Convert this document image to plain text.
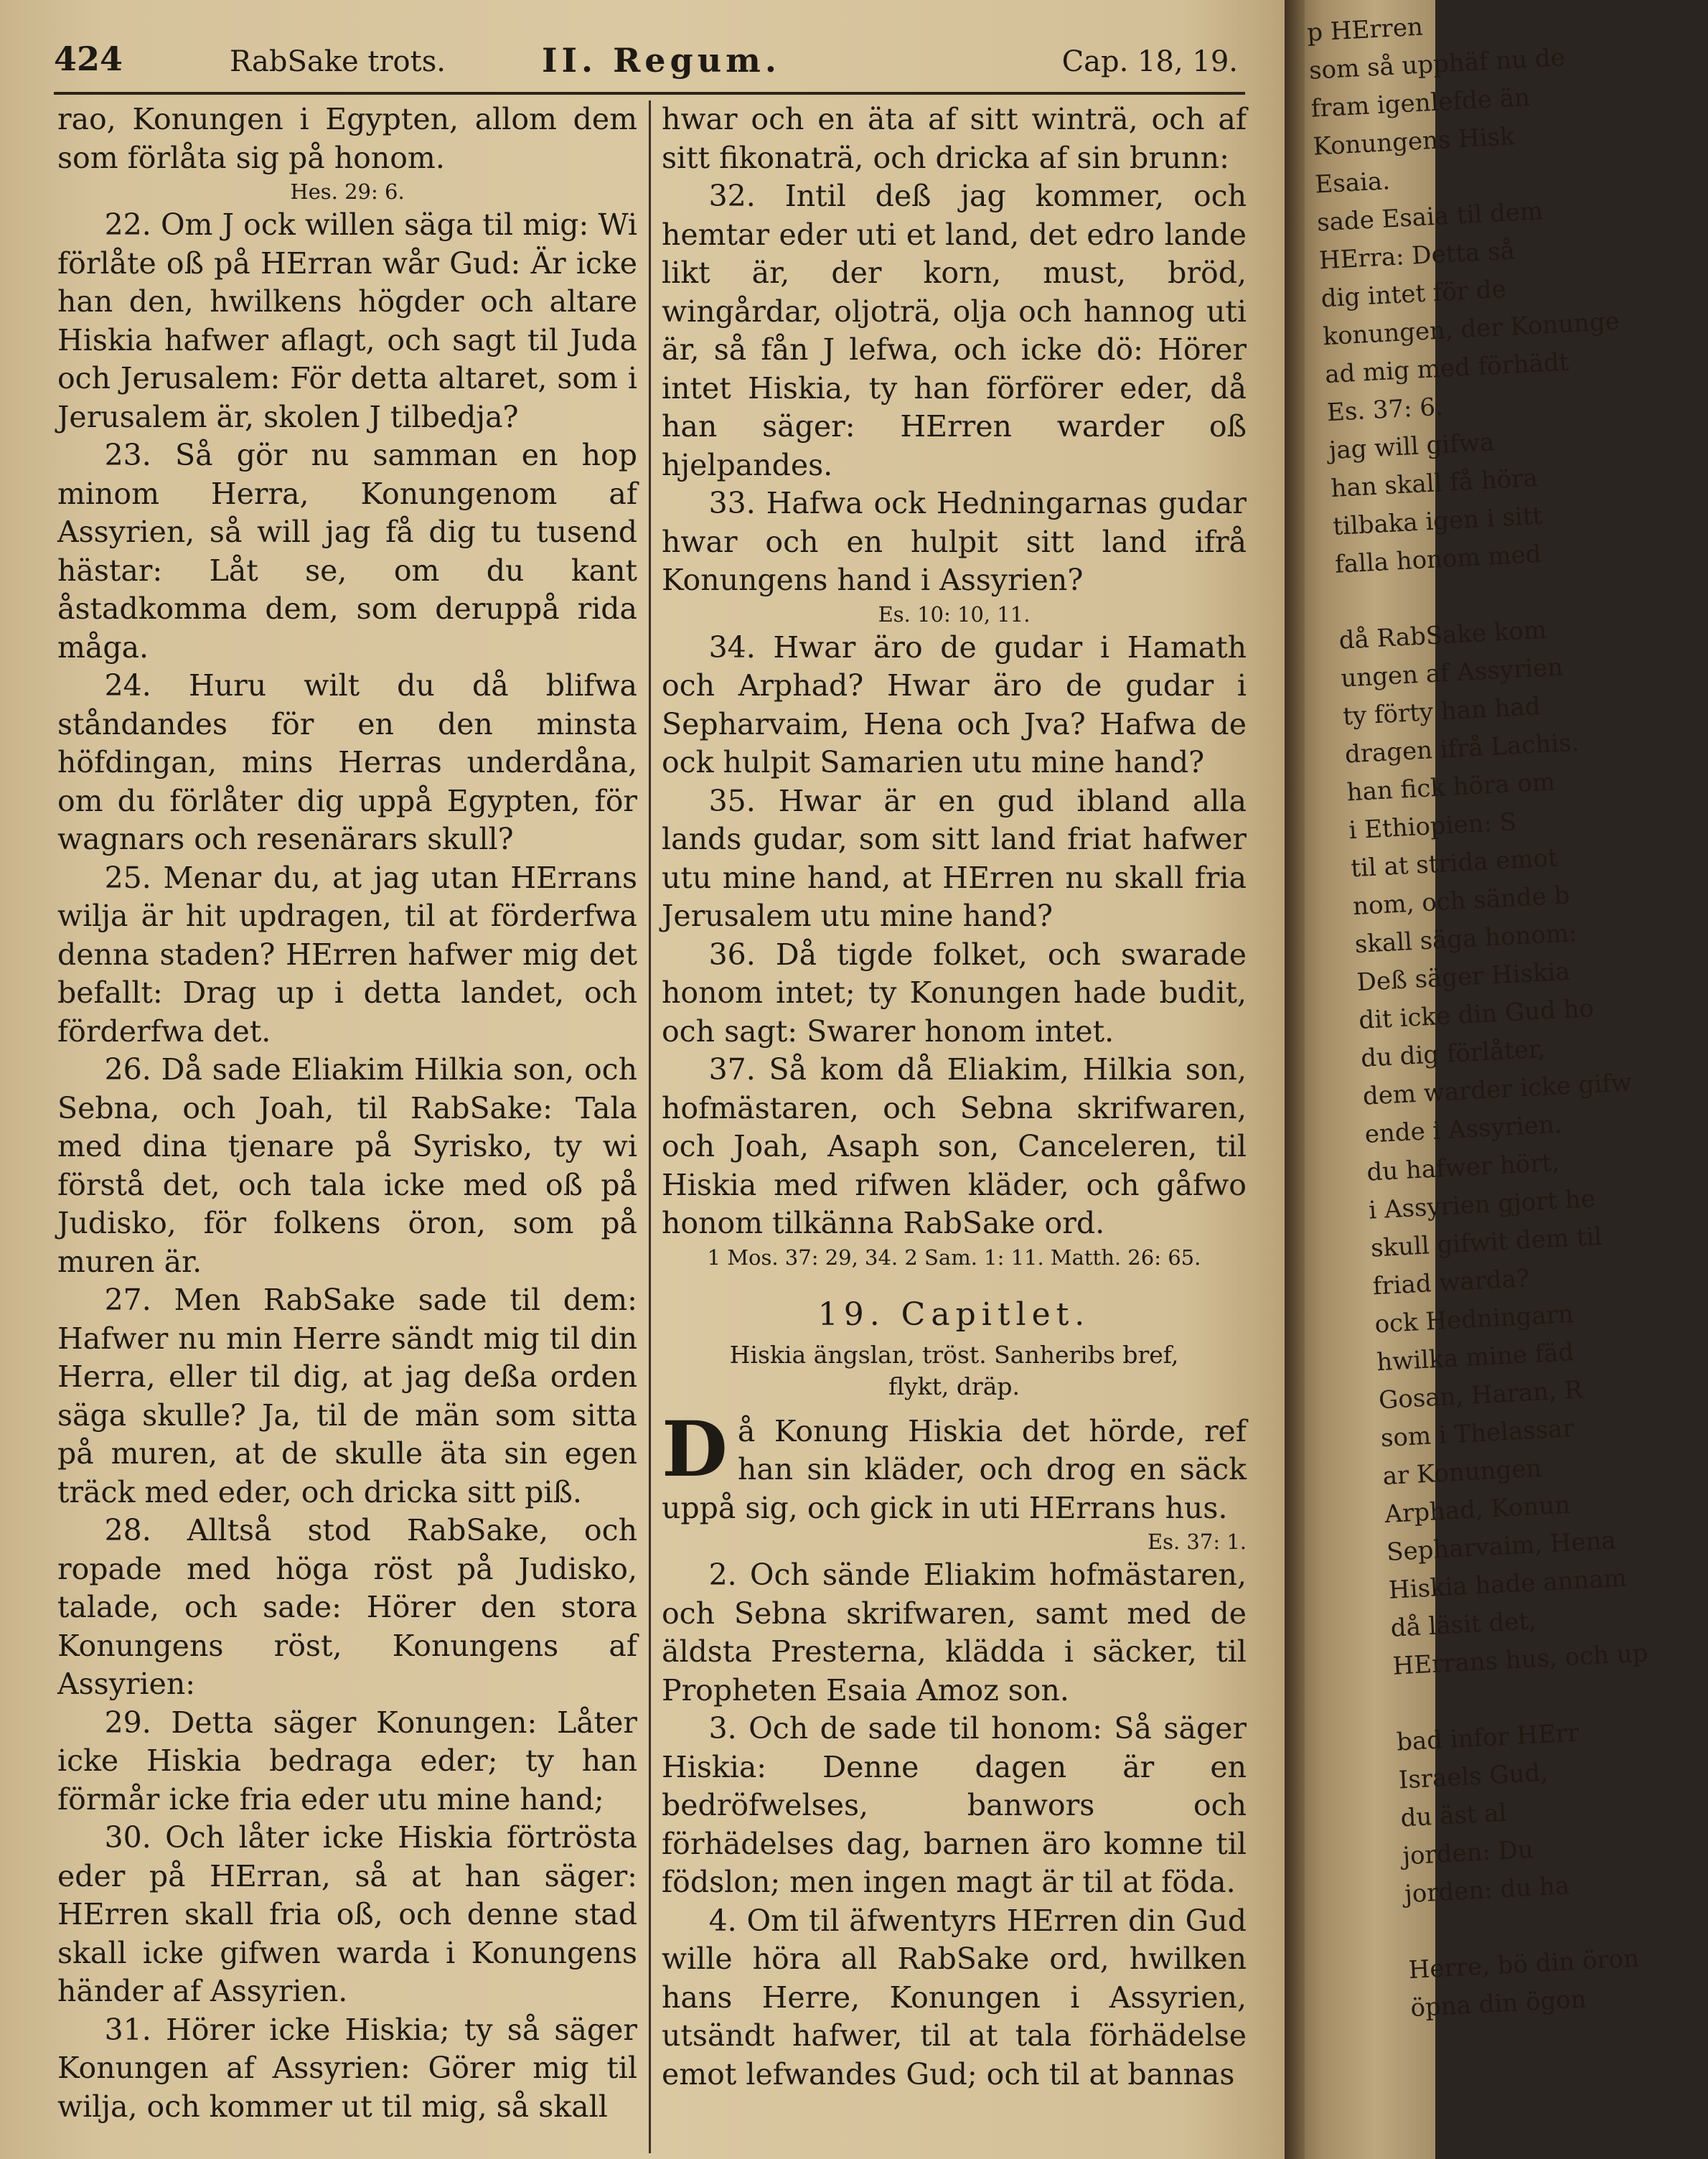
424	RabSake trots.	II. Regum.	Cap. 18, 19.

rao, Konungen i Egypten, allom dem som förlåta sig på honom.

Hes. 29: 6.

22. Om J ock willen säga til mig: Wi förlåte oß på HErran wår Gud: Är icke han den, hwilkens högder och altare Hiskia hafwer aflagt, och sagt til Juda och Jerusalem: För detta altaret, som i Jerusalem är, skolen J tilbedja?

23. Så gör nu samman en hop minom Herra, Konungenom af Assyrien, så will jag få dig tu tusend hästar: Låt se, om du kant åstadkomma dem, som deruppå rida måga.

24. Huru wilt du då blifwa ståndandes för en den minsta höfdingan, mins Herras underdåna, om du förlåter dig uppå Egypten, för wagnars och resenärars skull?

25. Menar du, at jag utan HErrans wilja är hit updragen, til at förderfwa denna staden? HErren hafwer mig det befallt: Drag up i detta landet, och förderfwa det.

26. Då sade Eliakim Hilkia son, och Sebna, och Joah, til RabSake: Tala med dina tjenare på Syrisko, ty wi förstå det, och tala icke med oß på Judisko, för folkens öron, som på muren är.

27. Men RabSake sade til dem: Hafwer nu min Herre sändt mig til din Herra, eller til dig, at jag deßa orden säga skulle? Ja, til de män som sitta på muren, at de skulle äta sin egen träck med eder, och dricka sitt piß.

28. Alltså stod RabSake, och ropade med höga röst på Judisko, talade, och sade: Hörer den stora Konungens röst, Konungens af Assyrien:

29. Detta säger Konungen: Låter icke Hiskia bedraga eder; ty han förmår icke fria eder utu mine hand;

30. Och låter icke Hiskia förtrösta eder på HErran, så at han säger: HErren skall fria oß, och denne stad skall icke gifwen warda i Konungens händer af Assyrien.

31. Hörer icke Hiskia; ty så säger Konungen af Assyrien: Görer mig til wilja, och kommer ut til mig, så skall

hwar och en äta af sitt winträ, och af sitt fikonaträ, och dricka af sin brunn:

32. Intil deß jag kommer, och hemtar eder uti et land, det edro lande likt är, der korn, must, bröd, wingårdar, oljoträ, olja och hannog uti är, så fån J lefwa, och icke dö: Hörer intet Hiskia, ty han förförer eder, då han säger: HErren warder oß hjelpandes.

33. Hafwa ock Hedningarnas gudar hwar och en hulpit sitt land ifrå Konungens hand i Assyrien?

Es. 10: 10, 11.

34. Hwar äro de gudar i Hamath och Arphad? Hwar äro de gudar i Sepharvaim, Hena och Jva? Hafwa de ock hulpit Samarien utu mine hand?

35. Hwar är en gud ibland alla lands gudar, som sitt land friat hafwer utu mine hand, at HErren nu skall fria Jerusalem utu mine hand?

36. Då tigde folket, och swarade honom intet; ty Konungen hade budit, och sagt: Swarer honom intet.

37. Så kom då Eliakim, Hilkia son, hofmästaren, och Sebna skrifwaren, och Joah, Asaph son, Canceleren, til Hiskia med rifwen kläder, och gåfwo honom tilkänna RabSake ord.

1 Mos. 37: 29, 34. 2 Sam. 1: 11. Matth. 26: 65.

19. Capitlet.

Hiskia ängslan, tröst. Sanheribs bref, flykt, dräp.

Då Konung Hiskia det hörde, ref han sin kläder, och drog en säck uppå sig, och gick in uti HErrans hus.

Es. 37: 1.

2. Och sände Eliakim hofmästaren, och Sebna skrifwaren, samt med de äldsta Presterna, klädda i säcker, til Propheten Esaia Amoz son.

3. Och de sade til honom: Så säger Hiskia: Denne dagen är en bedröfwelses, banwors och förhädelses dag, barnen äro komne til födslon; men ingen magt är til at föda.

4. Om til äfwentyrs HErren din Gud wille höra all RabSake ord, hwilken hans Herre, Konungen i Assyrien, utsändt hafwer, til at tala förhädelse emot lefwandes Gud; och til at bannas

p HErren
som så upphäf nu de
fram igenlefde än
Konungens Hisk
Esaia.
sade Esaia til dem
HErra: Detta så
dig intet för de
konungen, der Konunge
ad mig med förhädt
Es. 37: 6.
jag will gifwa
han skall få höra
tilbaka igen i sitt
falla honom med

då RabSake kom
ungen af Assyrien
ty förty han had
dragen ifrå Lachis.
han fick höra om
i Ethiopien: S
til at strida emot
nom, och sände b
skall säga honom:
Deß säger Hiskia
dit icke din Gud ho
du dig förlåter,
dem warder icke gifw
ende i Assyrien.
du hafwer hört,
i Assyrien gjort he
skull gifwit dem til
friad warda?
ock Hedningarn
hwilka mine fäd
Gosan, Haran, R
som i Thelassar
ar Konungen
Arphad, Konun
Sepharvaim, Hena
Hiskia hade annam
då läsit det,
HErrans hus, och up

bad infor HErr
Israels Gud,
du äst al
jorden: Du
jorden: du ha

Herre, bö din öron
öpna din ögon
